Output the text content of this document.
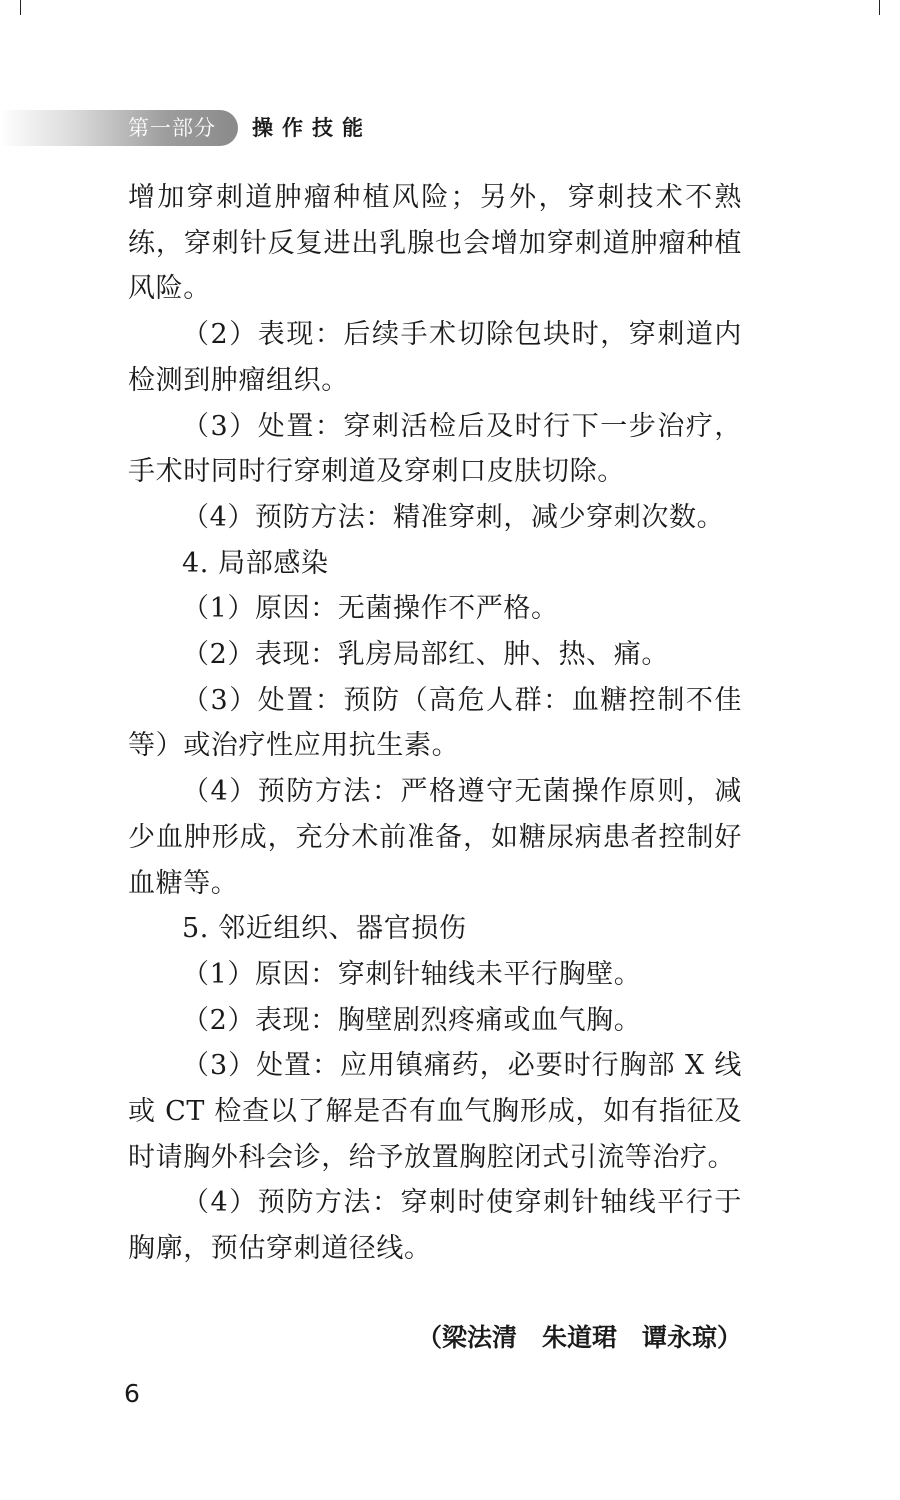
第一部分 操作技能

增加穿刺道肿瘤种植风险；另外，穿刺技术不熟练，穿刺针反复进出乳腺也会增加穿刺道肿瘤种植风险。

（2）表现：后续手术切除包块时，穿刺道内检测到肿瘤组织。

（3）处置：穿刺活检后及时行下一步治疗，手术时同时行穿刺道及穿刺口皮肤切除。

（4）预防方法：精准穿刺，减少穿刺次数。

4. 局部感染

（1）原因：无菌操作不严格。

（2）表现：乳房局部红、肿、热、痛。

（3）处置：预防（高危人群：血糖控制不佳等）或治疗性应用抗生素。

（4）预防方法：严格遵守无菌操作原则，减少血肿形成，充分术前准备，如糖尿病患者控制好血糖等。

5. 邻近组织、器官损伤

（1）原因：穿刺针轴线未平行胸壁。

（2）表现：胸壁剧烈疼痛或血气胸。

（3）处置：应用镇痛药，必要时行胸部 X 线或 CT 检查以了解是否有血气胸形成，如有指征及时请胸外科会诊，给予放置胸腔闭式引流等治疗。

（4）预防方法：穿刺时使穿刺针轴线平行于胸廓，预估穿刺道径线。

（梁法清　朱道珺　谭永琼）
6
